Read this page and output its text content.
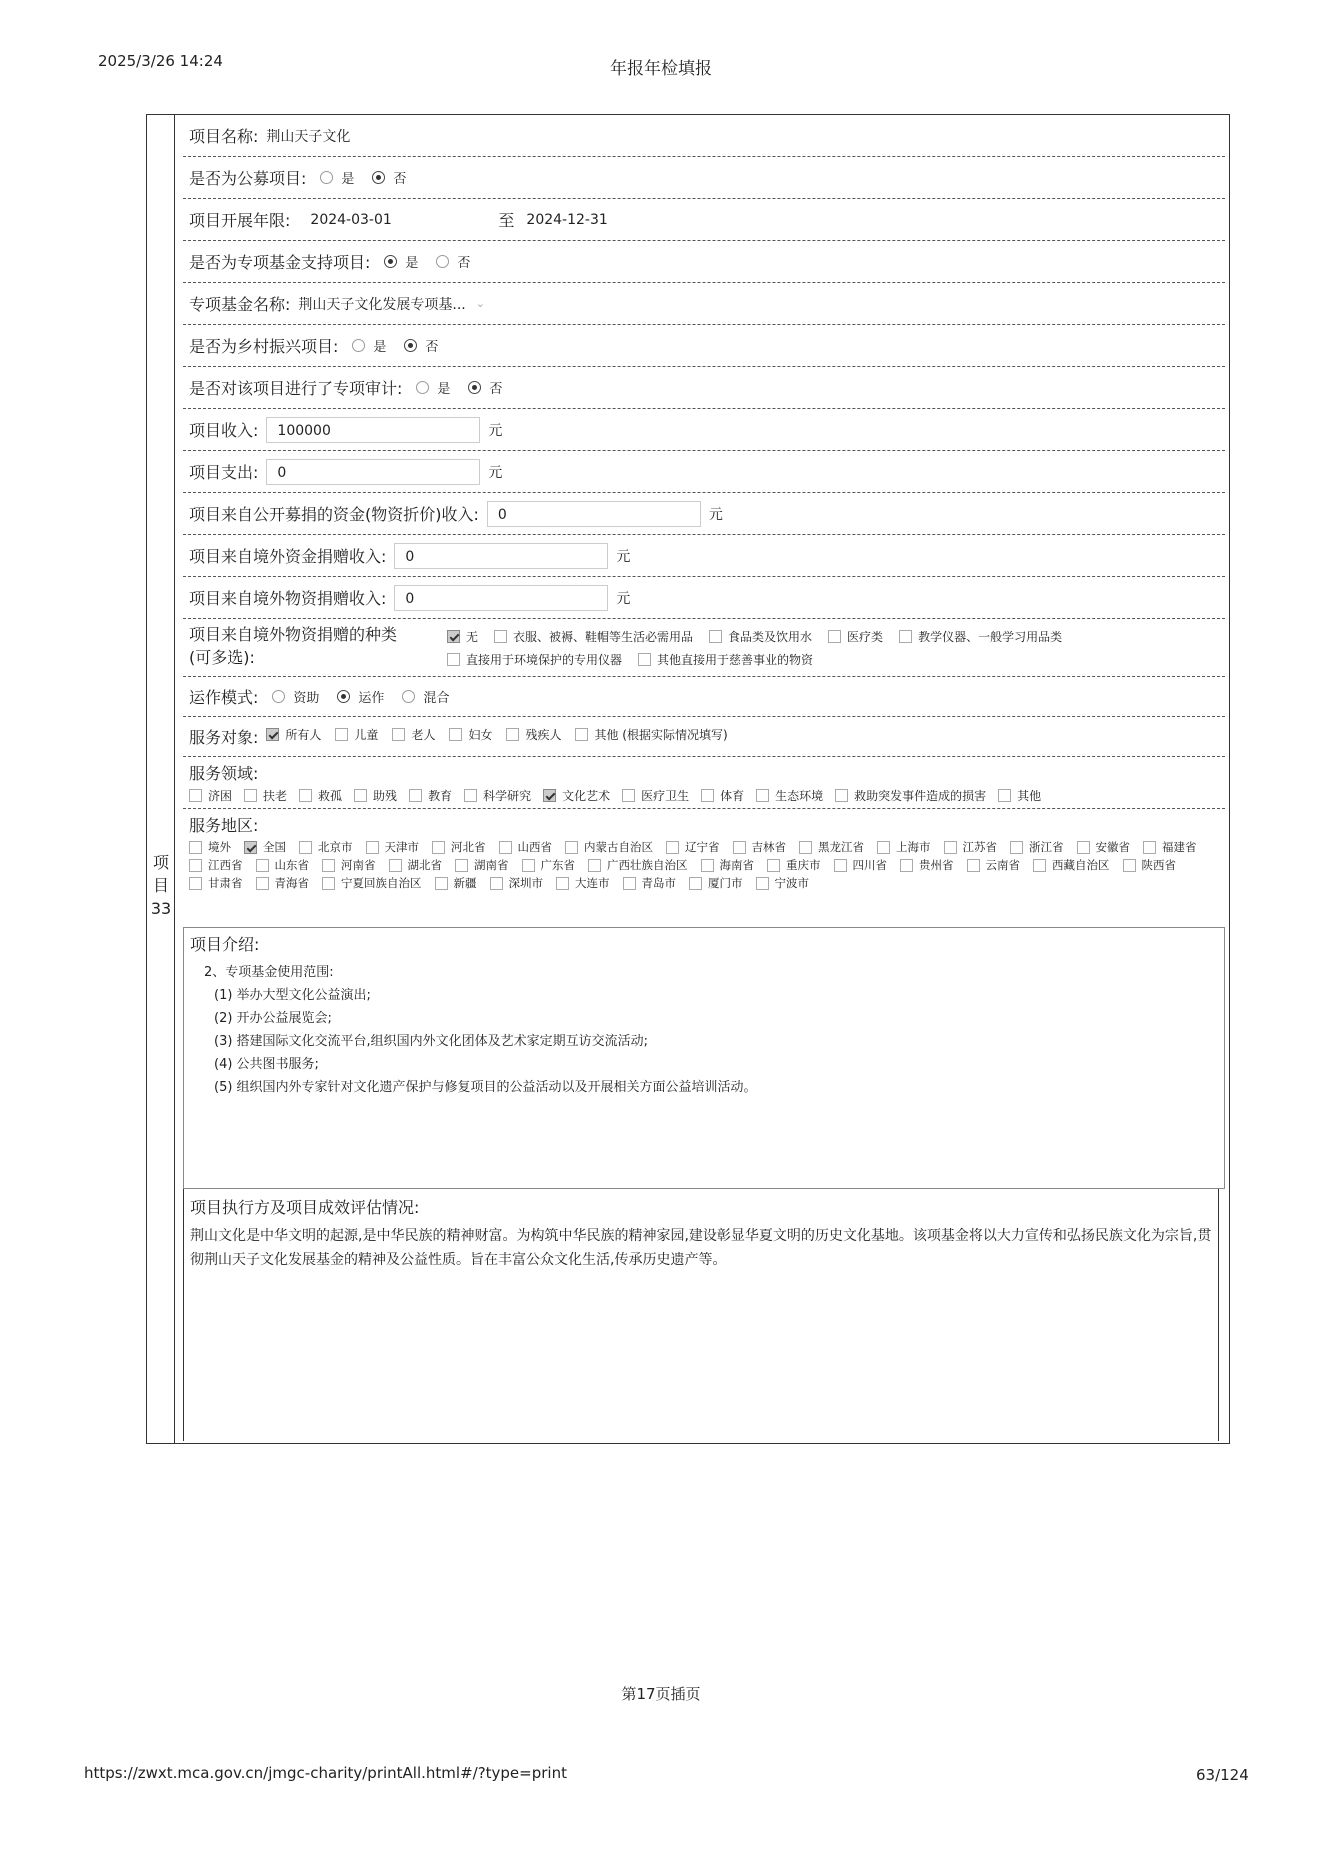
2025/3/26 14:24	年报年检填报
项
目
33
项目名称: 荆山天子文化
是否为公募项目:	是	否
项目开展年限: 2024-03-01	至 2024-12-31
是否为专项基金支持项目:	是	否
专项基金名称: 荆山天子文化发展专项基... ⌄
是否为乡村振兴项目:	是	否
是否对该项目进行了专项审计:	是	否
项目收入:	100000	元
项目支出:	0	元
项目来自公开募捐的资金(物资折价)收入:	0	元
项目来自境外资金捐赠收入:	0	元
项目来自境外物资捐赠收入:	0	元
项目来自境外物资捐赠的种类
(可多选):
无	衣服、被褥、鞋帽等生活必需用品	食品类及饮用水	医疗类	教学仪器、一般学习用品类
直接用于环境保护的专用仪器	其他直接用于慈善事业的物资
运作模式:	资助	运作	混合
服务对象: 所有人	儿童	老人	妇女	残疾人	其他 (根据实际情况填写)
服务领域:
济困	扶老	救孤	助残	教育	科学研究	文化艺术	医疗卫生	体育	生态环境	救助突发事件造成的损害	其他
服务地区:
境外	全国	北京市	天津市	河北省	山西省	内蒙古自治区	辽宁省	吉林省	黑龙江省	上海市	江苏省	浙江省	安徽省	福建省
江西省	山东省	河南省	湖北省	湖南省	广东省	广西壮族自治区	海南省	重庆市	四川省	贵州省	云南省	西藏自治区	陕西省
甘肃省	青海省	宁夏回族自治区	新疆	深圳市	大连市	青岛市	厦门市	宁波市
项目介绍:
2、专项基金使用范围:
(1) 举办大型文化公益演出;
(2) 开办公益展览会;
(3) 搭建国际文化交流平台,组织国内外文化团体及艺术家定期互访交流活动;
(4) 公共图书服务;
(5) 组织国内外专家针对文化遗产保护与修复项目的公益活动以及开展相关方面公益培训活动。
项目执行方及项目成效评估情况:
荆山文化是中华文明的起源,是中华民族的精神财富。为构筑中华民族的精神家园,建设彰显华夏文明的历史文化基地。该项基金将以大力宣传和弘扬民族文化为宗旨,贯彻荆山天子文化发展基金的精神及公益性质。旨在丰富公众文化生活,传承历史遗产等。
第17页插页
https://zwxt.mca.gov.cn/jmgc-charity/printAll.html#/?type=print	63/124
